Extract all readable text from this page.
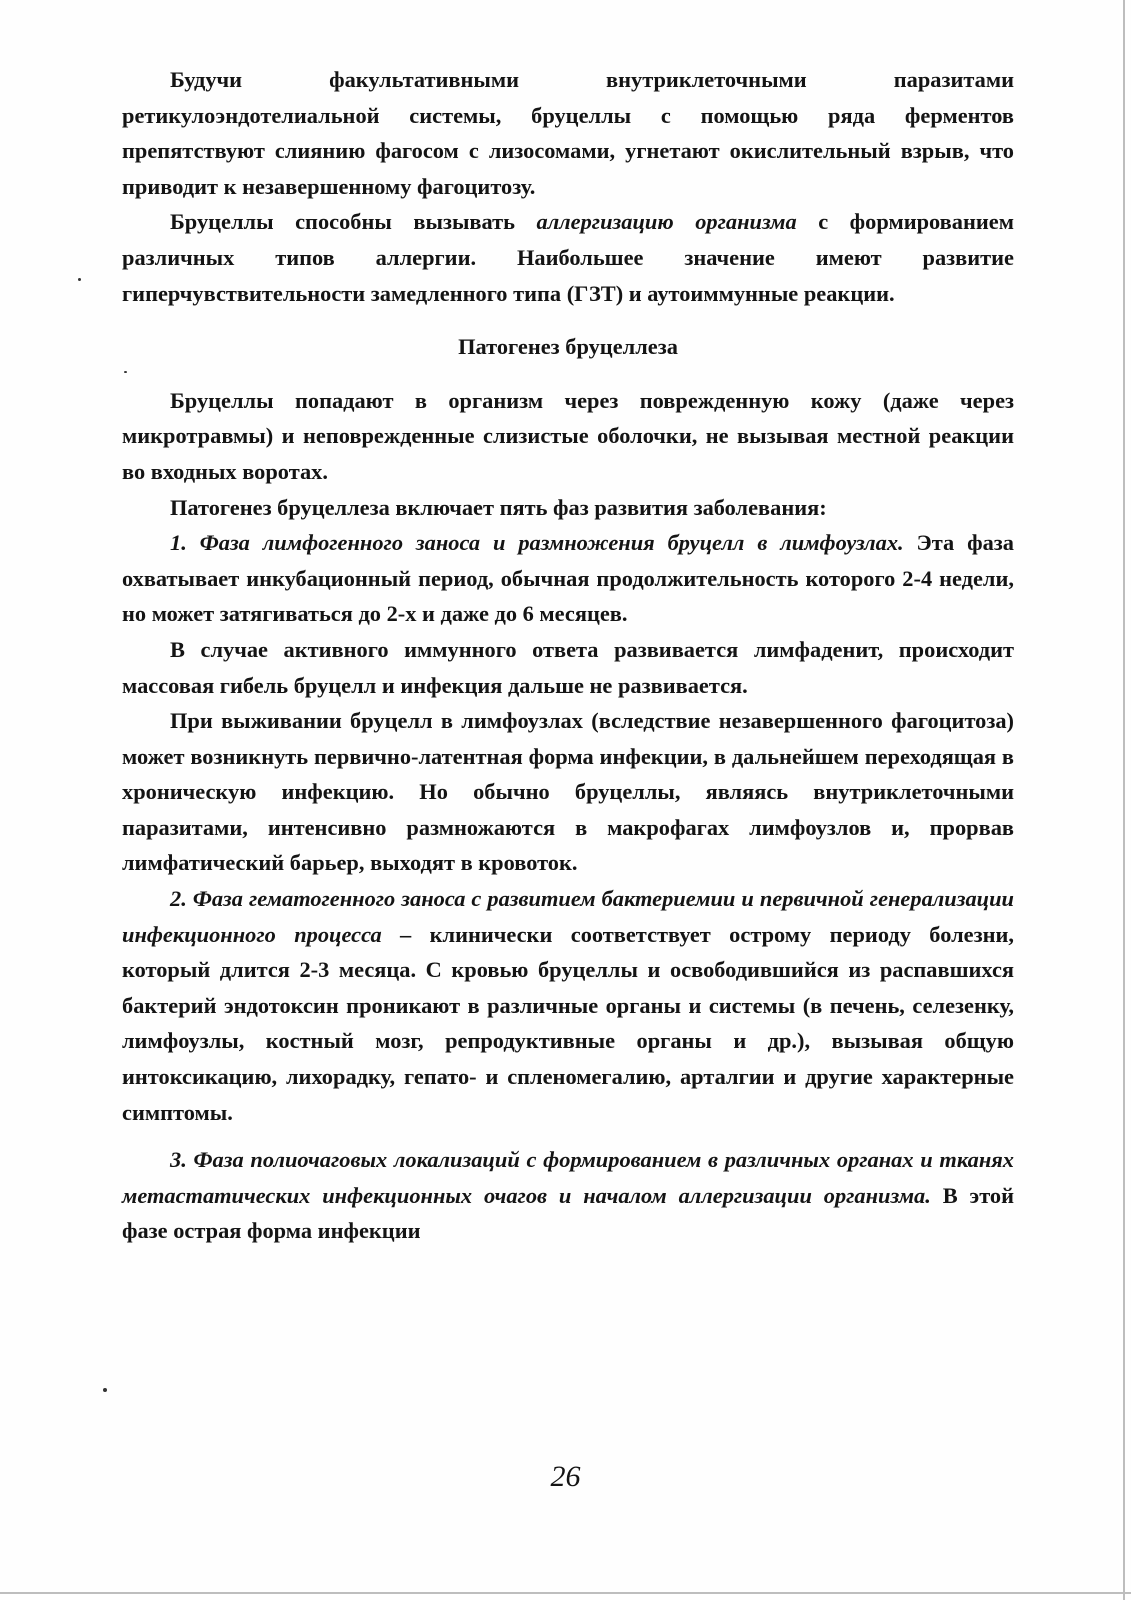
Будучи факультативными внутриклеточными паразитами ретикулоэндотелиальной системы, бруцеллы с помощью ряда ферментов препятствуют слиянию фагосом с лизосомами, угнетают окислительный взрыв, что приводит к незавершенному фагоцитозу.

Бруцеллы способны вызывать аллергизацию организма с формированием различных типов аллергии. Наибольшее значение имеют развитие гиперчувствительности замедленного типа (ГЗТ) и аутоиммунные реакции.

Патогенез бруцеллеза

Бруцеллы попадают в организм через поврежденную кожу (даже через микротравмы) и неповрежденные слизистые оболочки, не вызывая местной реакции во входных воротах.

Патогенез бруцеллеза включает пять фаз развития заболевания:

1. Фаза лимфогенного заноса и размножения бруцелл в лимфоузлах. Эта фаза охватывает инкубационный период, обычная продолжительность которого 2-4 недели, но может затягиваться до 2-х и даже до 6 месяцев.

В случае активного иммунного ответа развивается лимфаденит, происходит массовая гибель бруцелл и инфекция дальше не развивается.

При выживании бруцелл в лимфоузлах (вследствие незавершенного фагоцитоза) может возникнуть первично-латентная форма инфекции, в дальнейшем переходящая в хроническую инфекцию. Но обычно бруцеллы, являясь внутриклеточными паразитами, интенсивно размножаются в макрофагах лимфоузлов и, прорвав лимфатический барьер, выходят в кровоток.

2. Фаза гематогенного заноса с развитием бактериемии и первичной генерализации инфекционного процесса – клинически соответствует острому периоду болезни, который длится 2-3 месяца. С кровью бруцеллы и освободившийся из распавшихся бактерий эндотоксин проникают в различные органы и системы (в печень, селезенку, лимфоузлы, костный мозг, репродуктивные органы и др.), вызывая общую интоксикацию, лихорадку, гепато- и спленомегалию, арталгии и другие характерные симптомы.

3. Фаза полиочаговых локализаций с формированием в различных органах и тканях метастатических инфекционных очагов и началом аллергизации организма. В этой фазе острая форма инфекции

26
